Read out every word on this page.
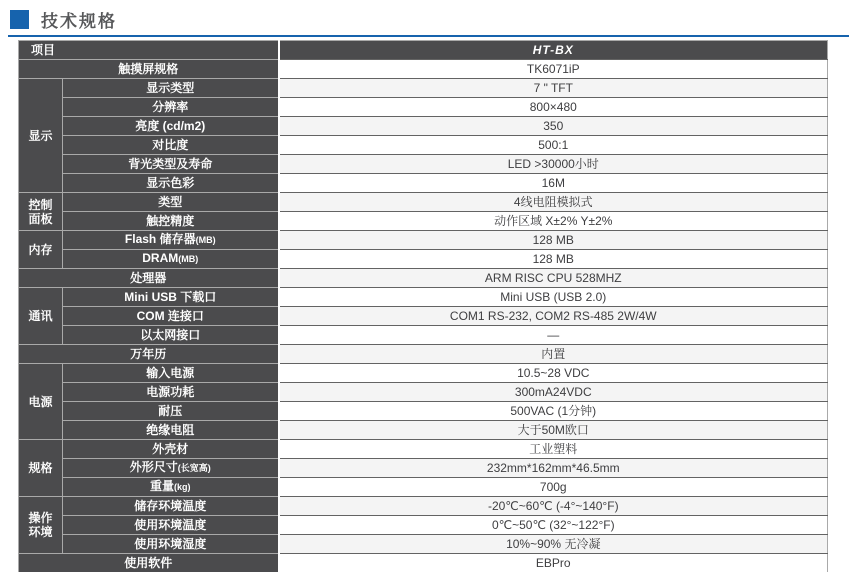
技术规格
项目		HT-BX
触摸屏规格		TK6071iP
显示	显示类型	7 " TFT
	分辨率	800×480
	亮度 (cd/m2)	350
	对比度	500:1
	背光类型及寿命	LED >30000小时
	显示色彩	16M
控制面板	类型	4线电阻模拟式
	触控精度	动作区域 X±2% Y±2%
内存	Flash 储存器(MB)	128 MB
	DRAM(MB)	128 MB
处理器		ARM RISC CPU 528MHZ
通讯	Mini USB 下载口	Mini USB (USB 2.0)
	COM 连接口	COM1 RS-232, COM2 RS-485 2W/4W
	以太网接口	—
万年历		内置
电源	输入电源	10.5~28 VDC
	电源功耗	300mA24VDC
	耐压	500VAC (1分钟)
	绝缘电阻	大于50M欧口
规格	外壳材	工业塑料
	外形尺寸(长宽高)	232mm*162mm*46.5mm
	重量(kg)	700g
操作环境	储存环境温度	-20℃~60℃ (-4°~140°F)
	使用环境温度	0℃~50℃ (32°~122°F)
	使用环境湿度	10%~90% 无冷凝
使用软件		EBPro
